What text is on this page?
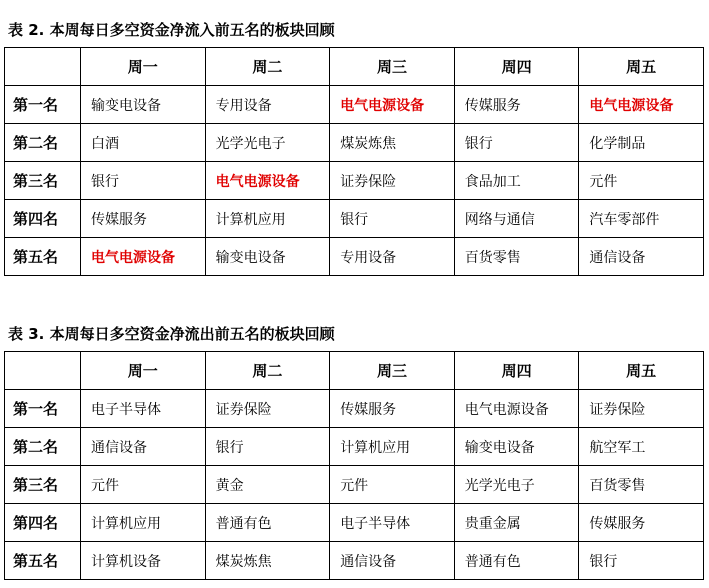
表 2. 本周每日多空资金净流入前五名的板块回顾
	周一	周二	周三	周四	周五
第一名	输变电设备	专用设备	电气电源设备	传媒服务	电气电源设备
第二名	白酒	光学光电子	煤炭炼焦	银行	化学制品
第三名	银行	电气电源设备	证券保险	食品加工	元件
第四名	传媒服务	计算机应用	银行	网络与通信	汽车零部件
第五名	电气电源设备	输变电设备	专用设备	百货零售	通信设备
表 3. 本周每日多空资金净流出前五名的板块回顾
	周一	周二	周三	周四	周五
第一名	电子半导体	证券保险	传媒服务	电气电源设备	证券保险
第二名	通信设备	银行	计算机应用	输变电设备	航空军工
第三名	元件	黄金	元件	光学光电子	百货零售
第四名	计算机应用	普通有色	电子半导体	贵重金属	传媒服务
第五名	计算机设备	煤炭炼焦	通信设备	普通有色	银行
